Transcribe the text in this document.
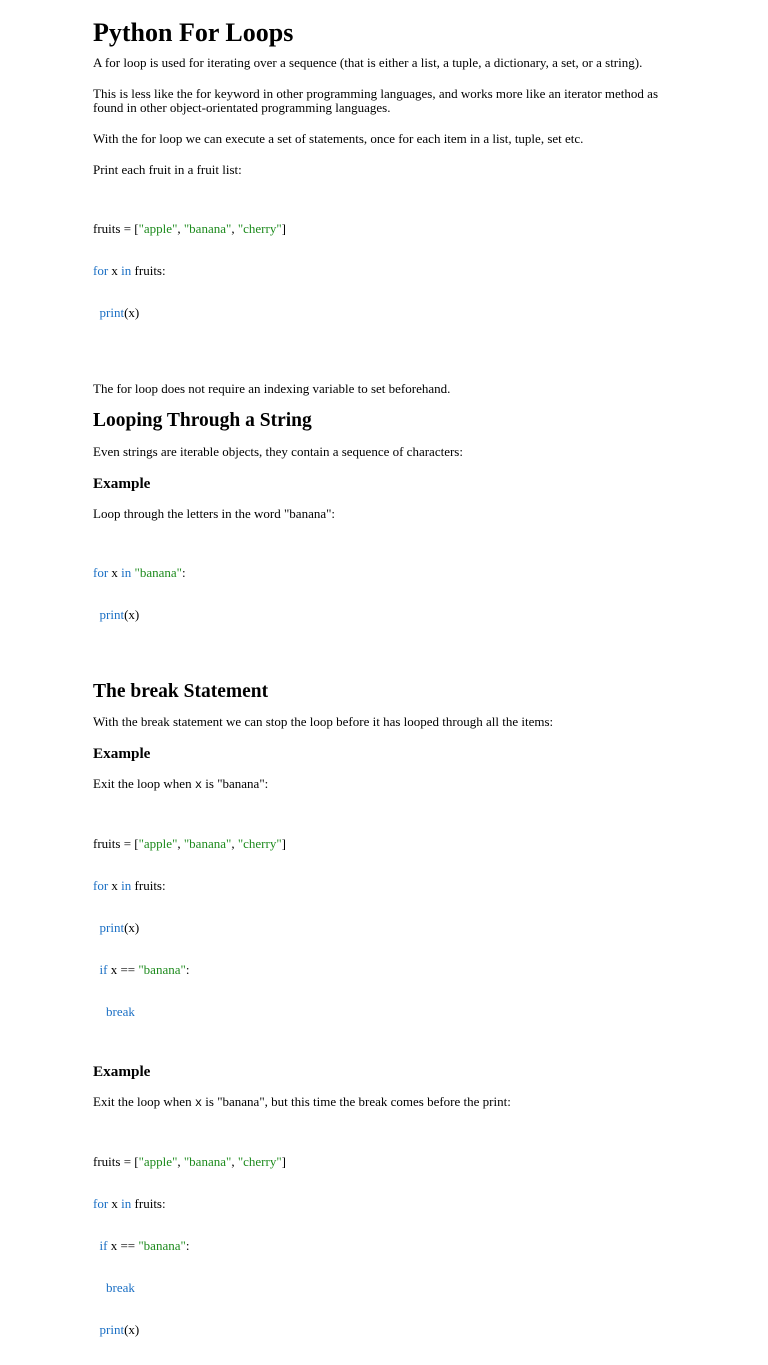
Python For Loops

A for loop is used for iterating over a sequence (that is either a list, a tuple, a dictionary, a set, or a string).

This is less like the for keyword in other programming languages, and works more like an iterator method as found in other object-orientated programming languages.

With the for loop we can execute a set of statements, once for each item in a list, tuple, set etc.

Print each fruit in a fruit list:

fruits = ["apple", "banana", "cherry"]

for x in fruits:

print(x)

The for loop does not require an indexing variable to set beforehand.

Looping Through a String

Even strings are iterable objects, they contain a sequence of characters:

Example

Loop through the letters in the word "banana":

for x in "banana":

print(x)

The break Statement

With the break statement we can stop the loop before it has looped through all the items:

Example

Exit the loop when x is "banana":

fruits = ["apple", "banana", "cherry"]

for x in fruits:

print(x)

if x == "banana":

break

Example

Exit the loop when x is "banana", but this time the break comes before the print:

fruits = ["apple", "banana", "cherry"]

for x in fruits:

if x == "banana":

break

print(x)
